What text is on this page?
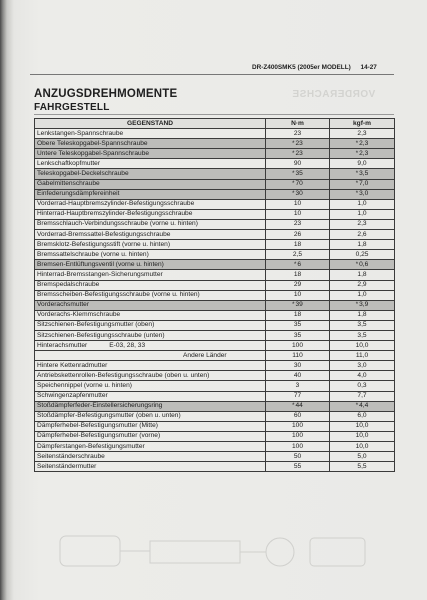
DR-Z400SMK5 (2005er MODELL) 14-27
VORDERACHSE
ANZUGSDREHMOMENTE
FAHRGESTELL
GEGENSTAND	N·m	kgf-m
Lenkstangen-Spannschraube	23	2,3
Obere Teleskopgabel-Spannschraube	* 23	* 2,3
Untere Teleskopgabel-Spannschraube	* 23	* 2,3
Lenkschaftkopfmutter	90	9,0
Teleskopgabel-Deckelschraube	* 35	* 3,5
Gabelmittenschraube	* 70	* 7,0
Einfederungsdämpfereinheit	* 30	* 3,0
Vorderrad-Hauptbremszylinder-Befestigungsschraube	10	1,0
Hinterrad-Hauptbremszylinder-Befestigungsschraube	10	1,0
Bremsschlauch-Verbindungsschraube (vorne u. hinten)	23	2,3
Vorderrad-Bremssattel-Befestigungsschraube	26	2,6
Bremsklotz-Befestigungsstift (vorne u. hinten)	18	1,8
Bremssattelschraube (vorne u. hinten)	2,5	0,25
Bremsen-Entlüftungsventil (vorne u. hinten)	* 6	* 0,6
Hinterrad-Bremsstangen-Sicherungsmutter	18	1,8
Bremspedalschraube	29	2,9
Bremsscheiben-Befestigungsschraube (vorne u. hinten)	10	1,0
Vorderachsmutter	* 39	* 3,9
Vorderachs-Klemmschraube	18	1,8
Sitzschienen-Befestigungsmutter (oben)	35	3,5
Sitzschienen-Befestigungsschraube (unten)	35	3,5
Hinterachsmutter E-03, 28, 33	100	10,0
Andere Länder	110	11,0
Hintere Kettenradmutter	30	3,0
Antriebskettenrollen-Befestigungsschraube (oben u. unten)	40	4,0
Speichennippel (vorne u. hinten)	3	0,3
Schwingenzapfenmutter	77	7,7
Stoßdämpferfeder-Einstellersicherungsring	* 44	* 4,4
Stoßdämpfer-Befestigungsmutter (oben u. unten)	60	6,0
Dämpferhebel-Befestigungsmutter (Mitte)	100	10,0
Dämpferhebel-Befestigungsmutter (vorne)	100	10,0
Dämpferstangen-Befestigungsmutter	100	10,0
Seitenständerschraube	50	5,0
Seitenständermutter	55	5,5
